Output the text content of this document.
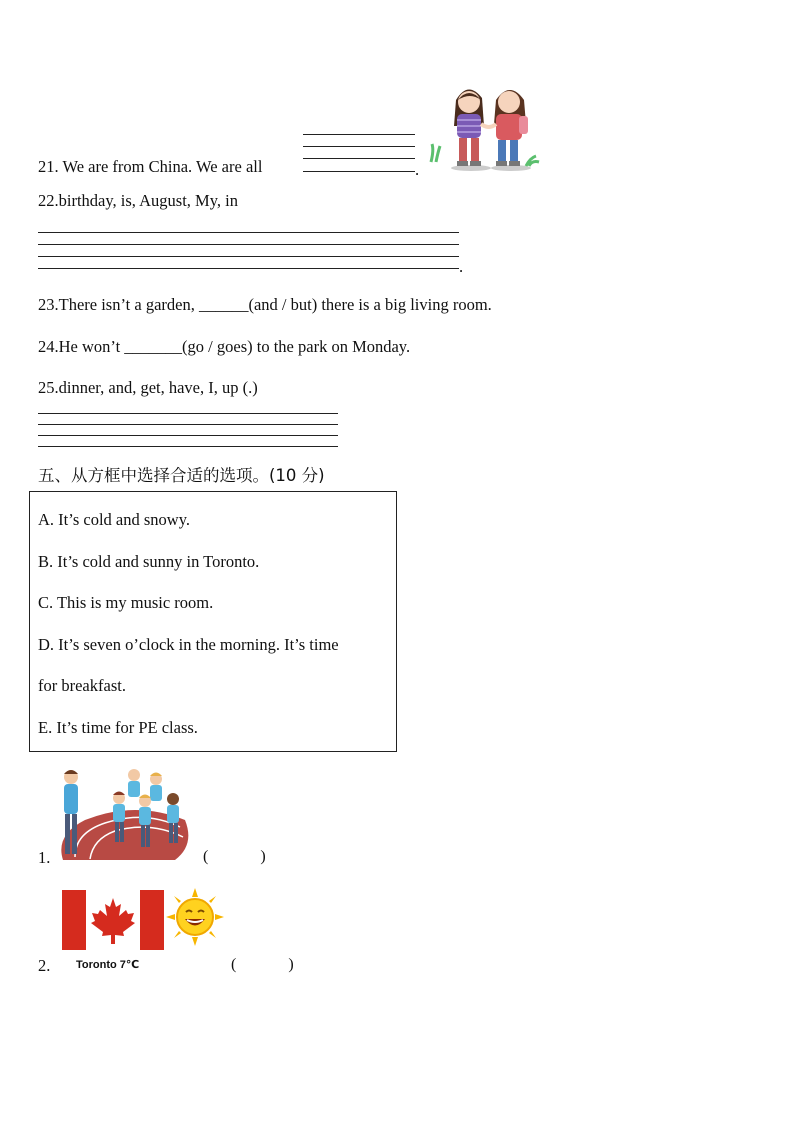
21. We are from China. We are all	.
22.birthday, is, August, My, in
.
23.There isn’t a garden, ______(and / but) there is a big living room.
24.He won’t _______(go / goes) to the park on Monday.
25.dinner, and, get, have, I, up (.)
五、从方框中选择合适的选项。(10 分)
A. It’s cold and snowy.
B. It’s cold and sunny in Toronto.
C. This is my music room.
D. It’s seven o’clock in the morning. It’s time
for breakfast.
E. It’s time for PE class.
1.	(             )
2. Toronto 7℃	(             )
